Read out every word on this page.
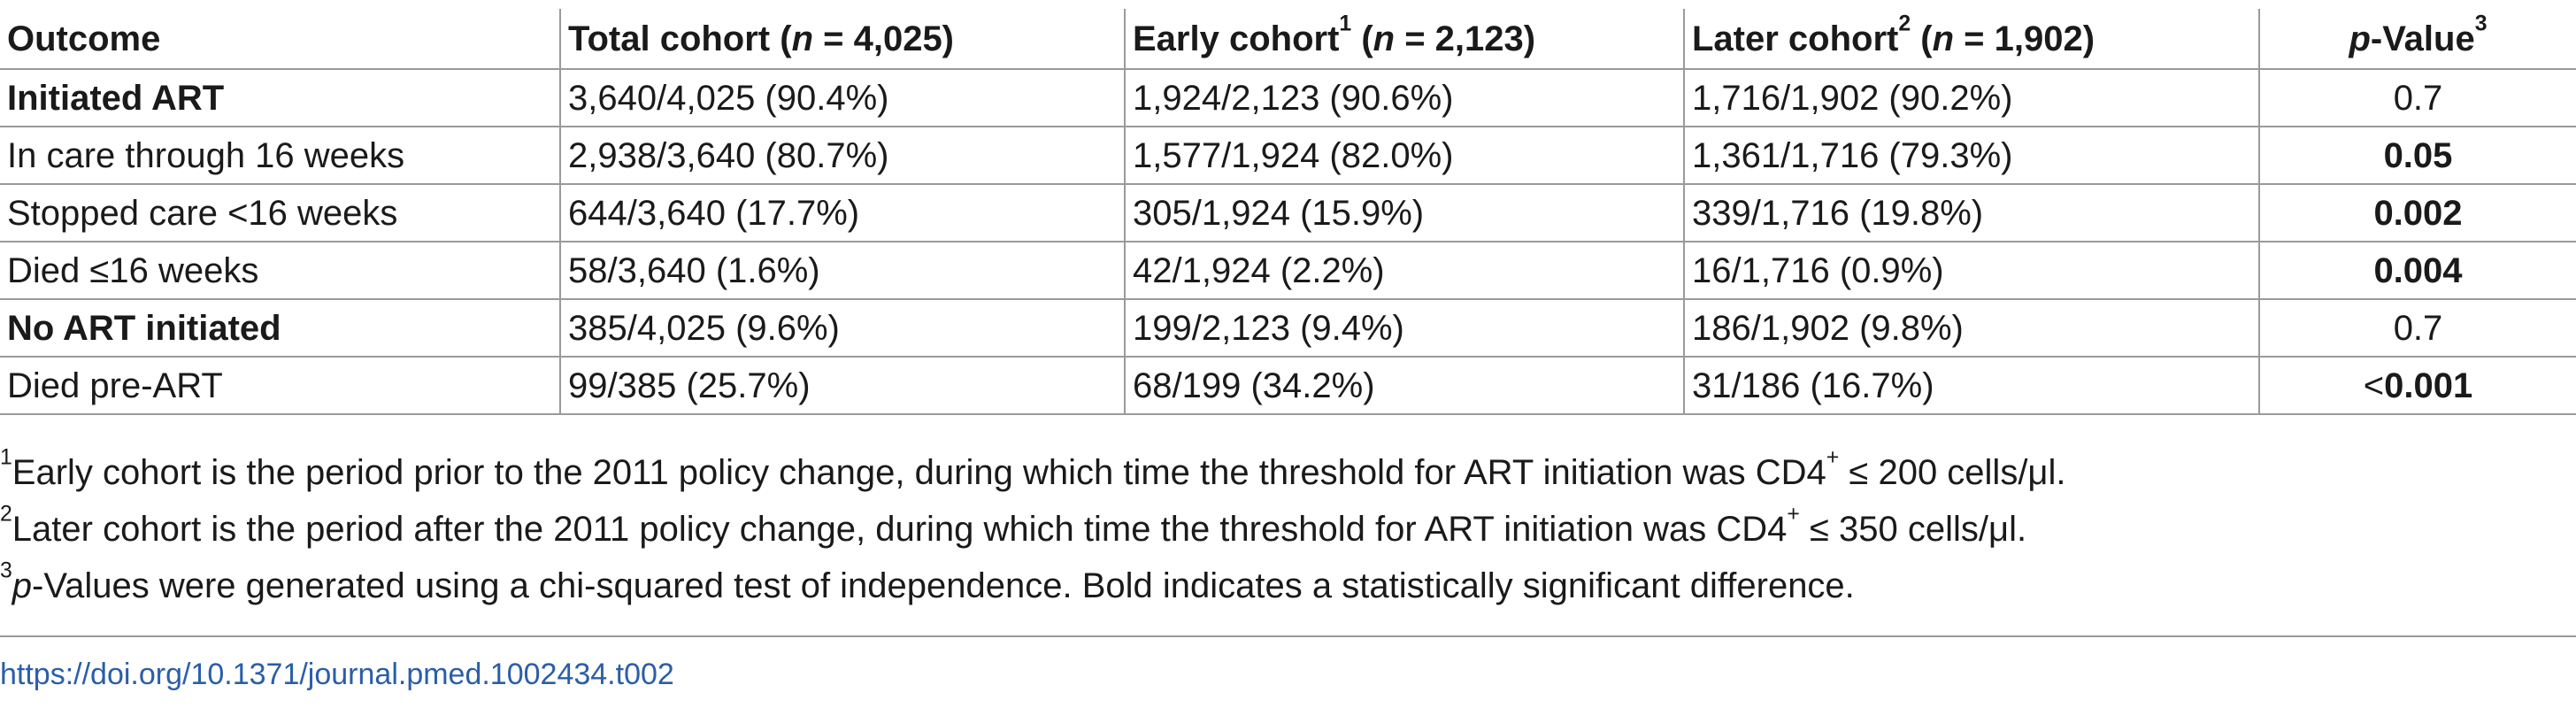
Outcome	Total cohort (n = 4,025)	Early cohort$^1$ (n = 2,123)	Later cohort$^2$ (n = 1,902)	p-Value$^3$
Initiated ART	3,640/4,025 (90.4%)	1,924/2,123 (90.6%)	1,716/1,902 (90.2%)	0.7
In care through 16 weeks	2,938/3,640 (80.7%)	1,577/1,924 (82.0%)	1,361/1,716 (79.3%)	0.05
Stopped care <16 weeks	644/3,640 (17.7%)	305/1,924 (15.9%)	339/1,716 (19.8%)	0.002
Died ≤16 weeks	58/3,640 (1.6%)	42/1,924 (2.2%)	16/1,716 (0.9%)	0.004
No ART initiated	385/4,025 (9.6%)	199/2,123 (9.4%)	186/1,902 (9.8%)	0.7
Died pre-ART	99/385 (25.7%)	68/199 (34.2%)	31/186 (16.7%)	<0.001
$^1$Early cohort is the period prior to the 2011 policy change, during which time the threshold for ART initiation was CD4+ ≤ 200 cells/μl.
$^2$Later cohort is the period after the 2011 policy change, during which time the threshold for ART initiation was CD4+ ≤ 350 cells/μl.
$^3$p-Values were generated using a chi-squared test of independence. Bold indicates a statistically significant difference.
https://doi.org/10.1371/journal.pmed.1002434.t002
